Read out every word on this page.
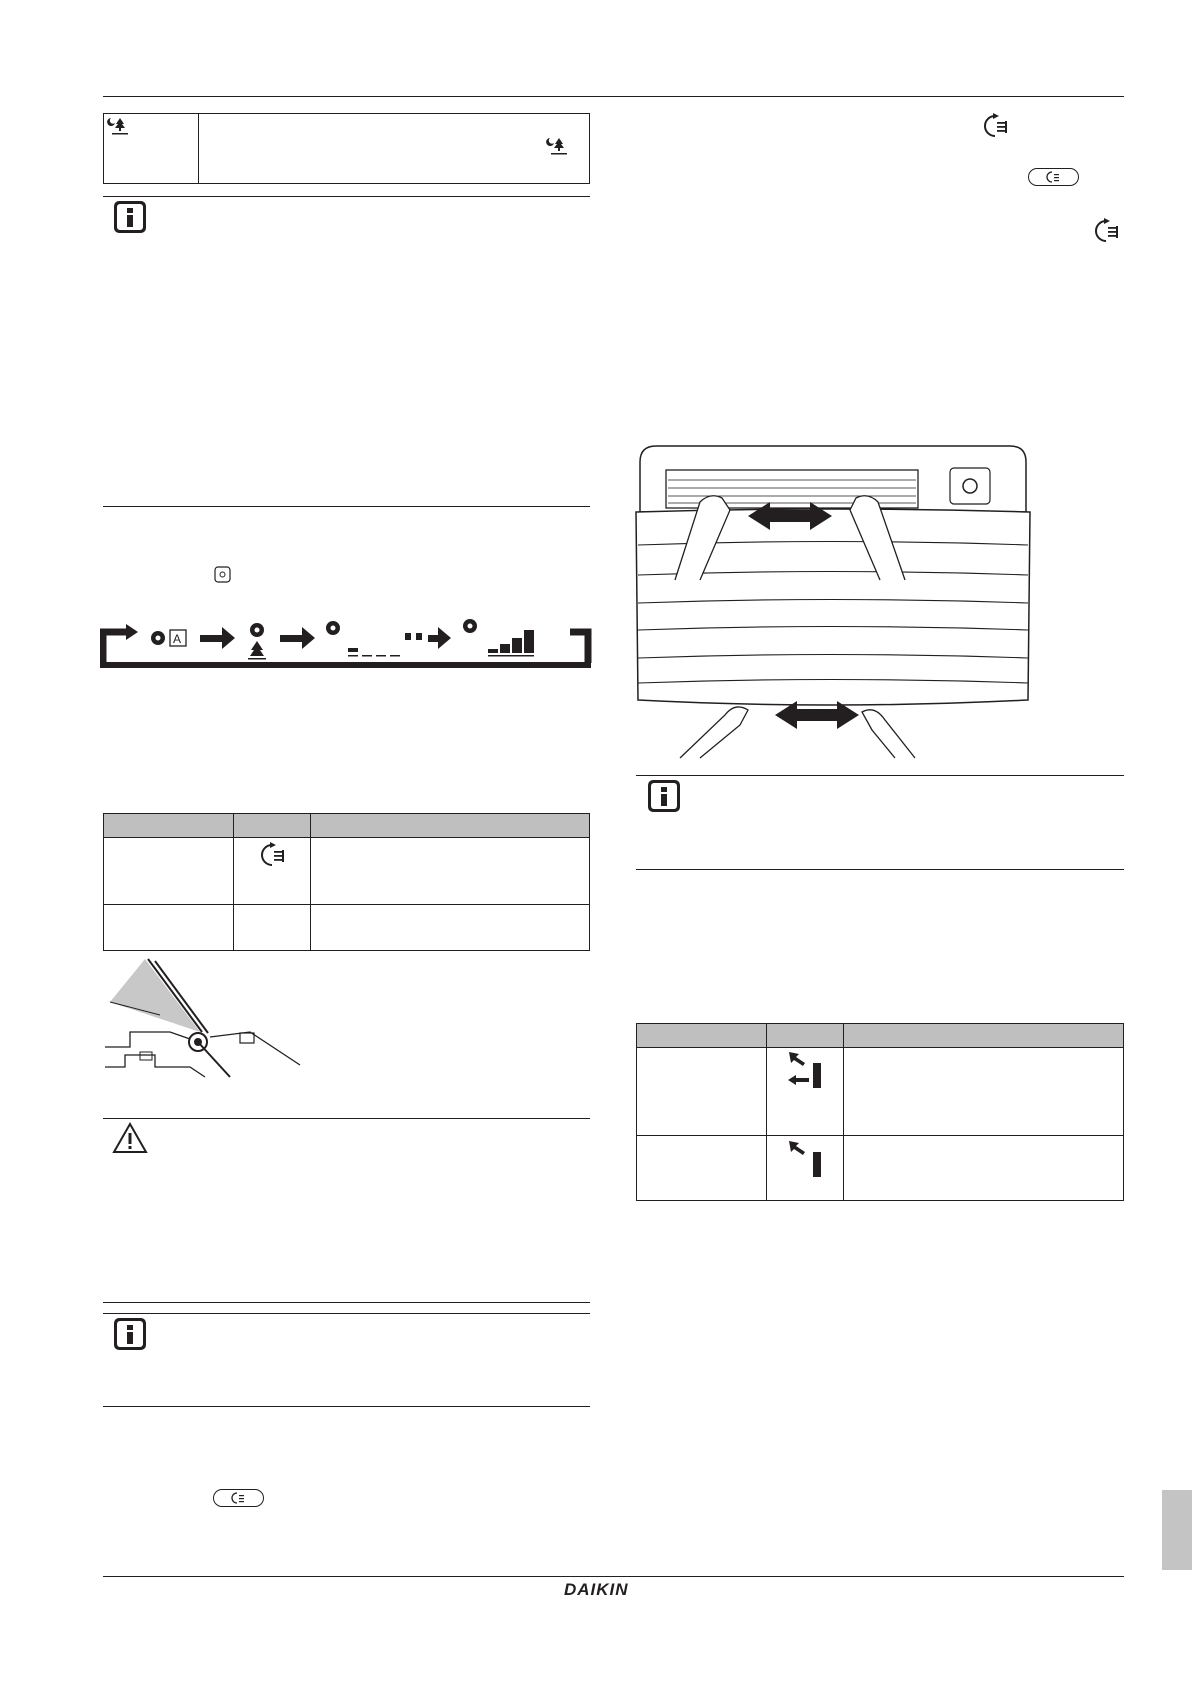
A
DAIKIN
